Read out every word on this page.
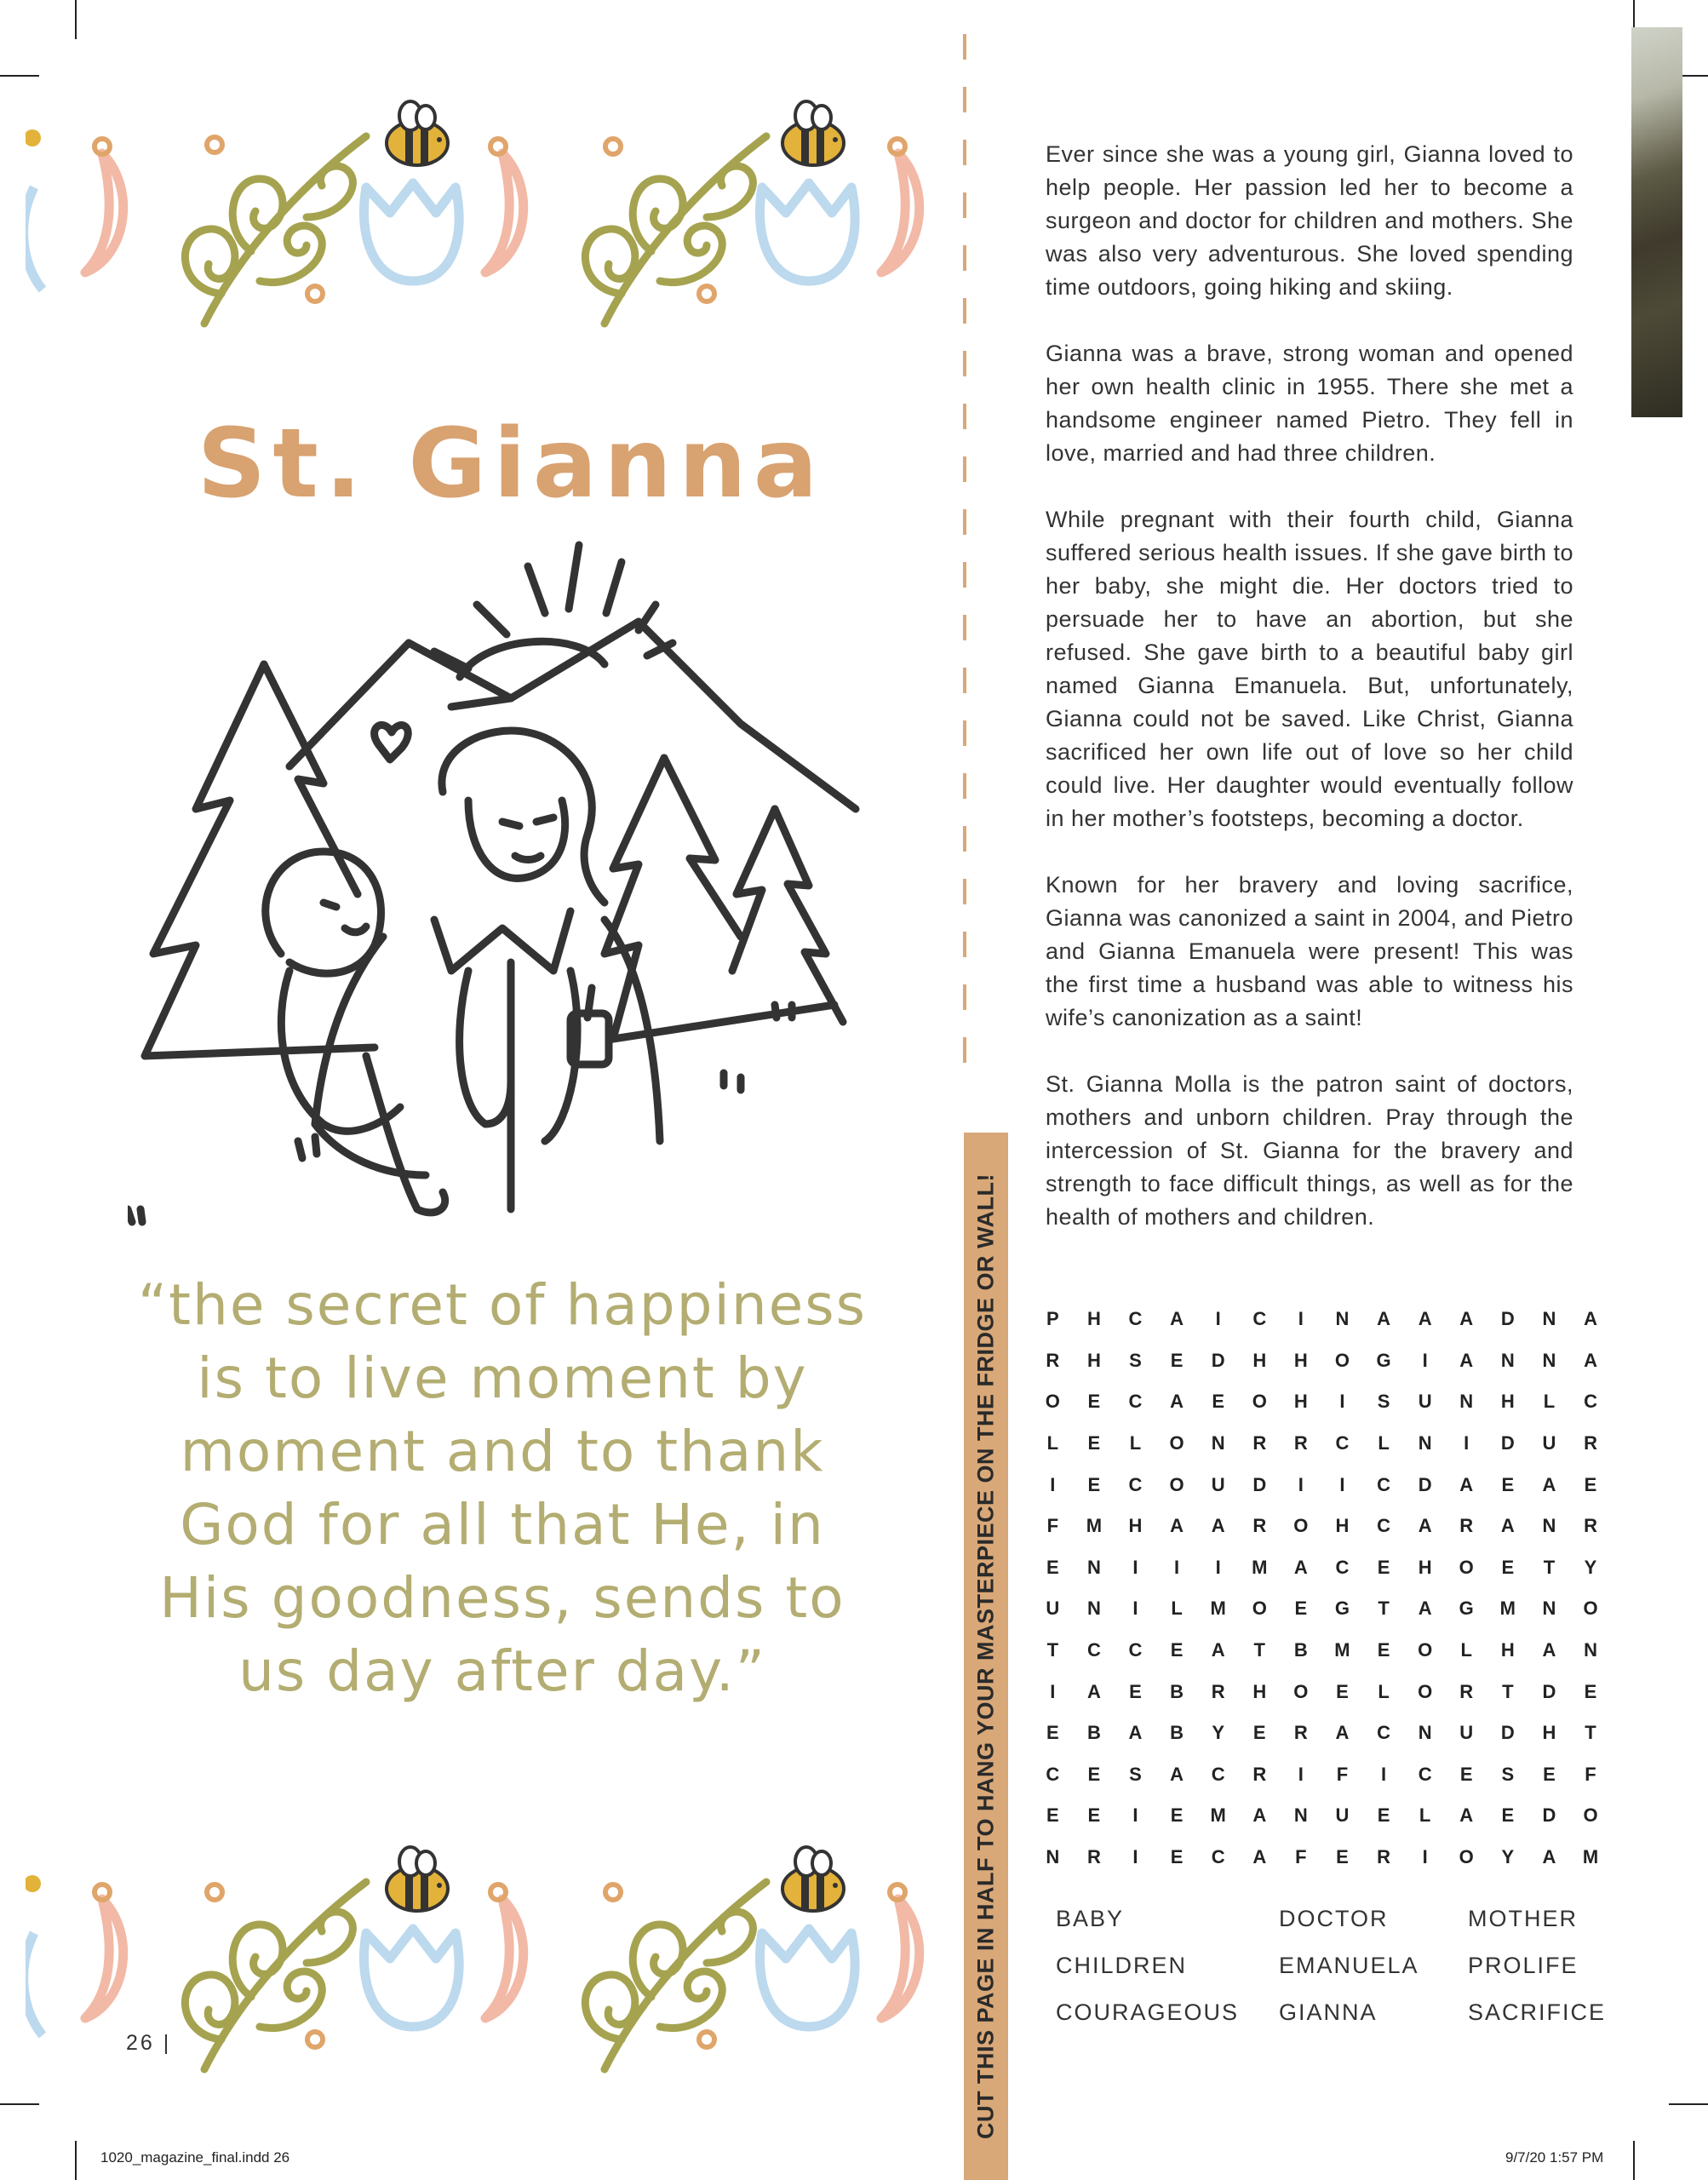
St. Gianna
“the secret of happiness is to live moment by moment and to thank God for all that He, in His goodness, sends to us day after day.”
26 |	CUT THIS PAGE IN HALF TO HANG YOUR MASTERPIECE ON THE FRIDGE OR WALL!

Ever since she was a young girl, Gianna loved to help people. Her passion led her to become a surgeon and doctor for children and mothers. She was also very adventurous. She loved spending time outdoors, going hiking and skiing.

Gianna was a brave, strong woman and opened her own health clinic in 1955. There she met a handsome engineer named Pietro. They fell in love, married and had three children.

While pregnant with their fourth child, Gianna suffered serious health issues. If she gave birth to her baby, she might die. Her doctors tried to persuade her to have an abortion, but she refused. She gave birth to a beautiful baby girl named Gianna Emanuela. But, unfortunately, Gianna could not be saved. Like Christ, Gianna sacrificed her own life out of love so her child could live. Her daughter would eventually follow in her mother’s footsteps, becoming a doctor.

Known for her bravery and loving sacrifice, Gianna was canonized a saint in 2004, and Pietro and Gianna Emanuela were present! This was the first time a husband was able to witness his wife’s canonization as a saint!

St. Gianna Molla is the patron saint of doctors, mothers and unborn children. Pray through the intercession of St. Gianna for the bravery and strength to face difficult things, as well as for the health of mothers and children.

P	H	C	A	I	C	I	N	A	A	A	D	N	A
R	H	S	E	D	H	H	O	G	I	A	N	N	A
O	E	C	A	E	O	H	I	S	U	N	H	L	C
L	E	L	O	N	R	R	C	L	N	I	D	U	R
I	E	C	O	U	D	I	I	C	D	A	E	A	E
F	M	H	A	A	R	O	H	C	A	R	A	N	R
E	N	I	I	I	M	A	C	E	H	O	E	T	Y
U	N	I	L	M	O	E	G	T	A	G	M	N	O
T	C	C	E	A	T	B	M	E	O	L	H	A	N
I	A	E	B	R	H	O	E	L	O	R	T	D	E
E	B	A	B	Y	E	R	A	C	N	U	D	H	T
C	E	S	A	C	R	I	F	I	C	E	S	E	F
E	E	I	E	M	A	N	U	E	L	A	E	D	O
N	R	I	E	C	A	F	E	R	I	O	Y	A	M
BABY	DOCTOR	MOTHER
CHILDREN	EMANUELA	PROLIFE
COURAGEOUS	GIANNA	SACRIFICE
1020_magazine_final.indd 26	9/7/20 1:57 PM
